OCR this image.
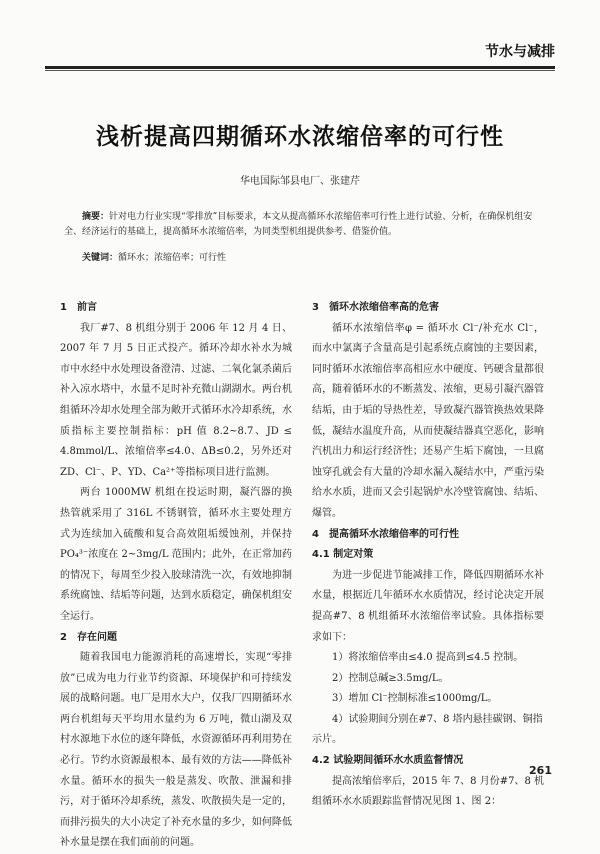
节水与减排
浅析提高四期循环水浓缩倍率的可行性
华电国际邹县电厂、张建芹
摘要：针对电力行业实现“零排放”目标要求，本文从提高循环水浓缩倍率可行性上进行试验、分析，在确保机组安全、经济运行的基础上，提高循环水浓缩倍率，为同类型机组提供参考、借鉴价值。
关键词：循环水；浓缩倍率；可行性
1　前言

我厂#7、8 机组分别于 2006 年 12 月 4 日、2007 年 7 月 5 日正式投产。循环冷却水补水为城市中水经中水处理设备澄清、过滤、二氧化氯杀菌后补入凉水塔中，水量不足时补充微山湖湖水。两台机组循环冷却水处理全部为敞开式循环水冷却系统，水质指标主要控制指标：pH 值 8.2~8.7、JD ≤ 4.8mmol/L、浓缩倍率≤4.0、ΔB≤0.2，另外还对 ZD、Cl⁻、P、YD、Ca²⁺等指标项目进行监测。

两台 1000MW 机组在投运时期，凝汽器的换热管就采用了 316L 不锈钢管，循环水主要处理方式为连续加入硫酸和复合高效阻垢缓蚀剂，并保持 PO₄³⁻浓度在 2~3mg/L 范围内；此外，在正常加药的情况下，每周至少投入胶球清洗一次，有效地抑制系统腐蚀、结垢等问题，达到水质稳定，确保机组安全运行。

2　存在问题

随着我国电力能源消耗的高速增长，实现“零排放”已成为电力行业节约资源、环境保护和可持续发展的战略问题。电厂是用水大户，仅我厂四期循环水两台机组每天平均用水量约为 6 万吨，微山湖及双村水源地下水位的逐年降低，水资源循环再利用势在必行。节约水资源最根本、最有效的方法——降低补水量。循环水的损失一般是蒸发、吹散、泄漏和排污，对于循环冷却系统，蒸发、吹散损失是一定的，而排污损失的大小决定了补充水量的多少，如何降低补水量是摆在我们面前的问题。

3　循环水浓缩倍率高的危害

循环水浓缩倍率φ = 循环水 Cl⁻/补充水 Cl⁻，而水中氯离子含量高是引起系统点腐蚀的主要因素，同时循环水浓缩倍率高相应水中硬度、钙硬含量都很高，随着循环水的不断蒸发、浓缩，更易引凝汽器管结垢，由于垢的导热性差，导致凝汽器管换热效果降低，凝结水温度升高，从而使凝结器真空恶化，影响汽机出力和运行经济性；还易产生垢下腐蚀，一旦腐蚀穿孔就会有大量的冷却水漏入凝结水中，严重污染给水水质，进而又会引起锅炉水冷壁管腐蚀、结垢、爆管。

4　提高循环水浓缩倍率的可行性
4.1 制定对策

为进一步促进节能减排工作，降低四期循环水补水量，根据近几年循环水水质情况，经讨论决定开展提高#7、8 机组循环水浓缩倍率试验。具体指标要求如下：

1）将浓缩倍率由≤4.0 提高到≤4.5 控制。
2）控制总碱≥3.5mg/L。
3）增加 Cl⁻控制标准≤1000mg/L。
4）试验期间分别在#7、8 塔内悬挂碳钢、铜指示片。
4.2 试验期间循环水水质监督情况

提高浓缩倍率后，2015 年 7、8 月份#7、8 机组循环水水质跟踪监督情况见图 1、图 2：

261
